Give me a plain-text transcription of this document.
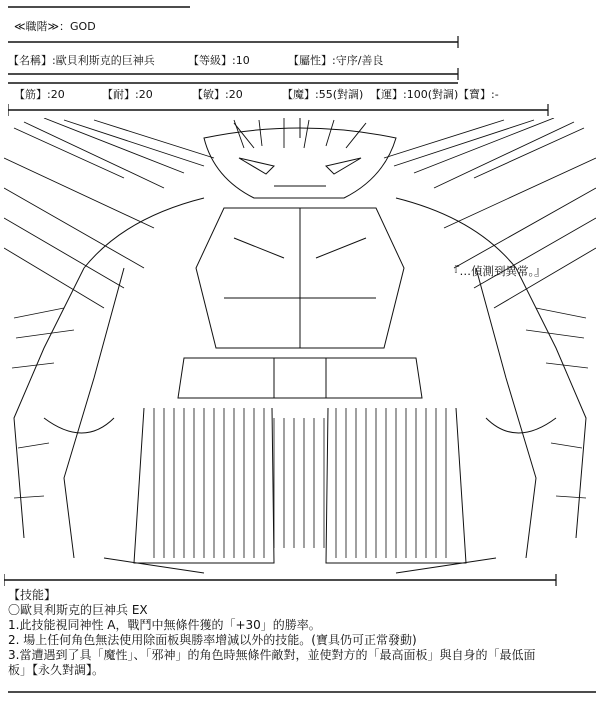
≪職階≫：GOD
【名稱】:歐貝利斯克的巨神兵	【等級】:10	【屬性】:守序/善良
【筋】:20	【耐】:20	【敏】:20	【魔】:55(對調) 【運】:100(對調) 【寶】:-
『…偵測到異常。』
【技能】
〇歐貝利斯克的巨神兵 EX
1.此技能視同神性 A，戰鬥中無條件獲的「+30」的勝率。
2. 場上任何角色無法使用除面板與勝率增減以外的技能。(寶具仍可正常發動)
3.當遭遇到了具「魔性」、「邪神」的角色時無條件敵對，並使對方的「最高面板」與自身的「最低面
板」【永久對調】。
